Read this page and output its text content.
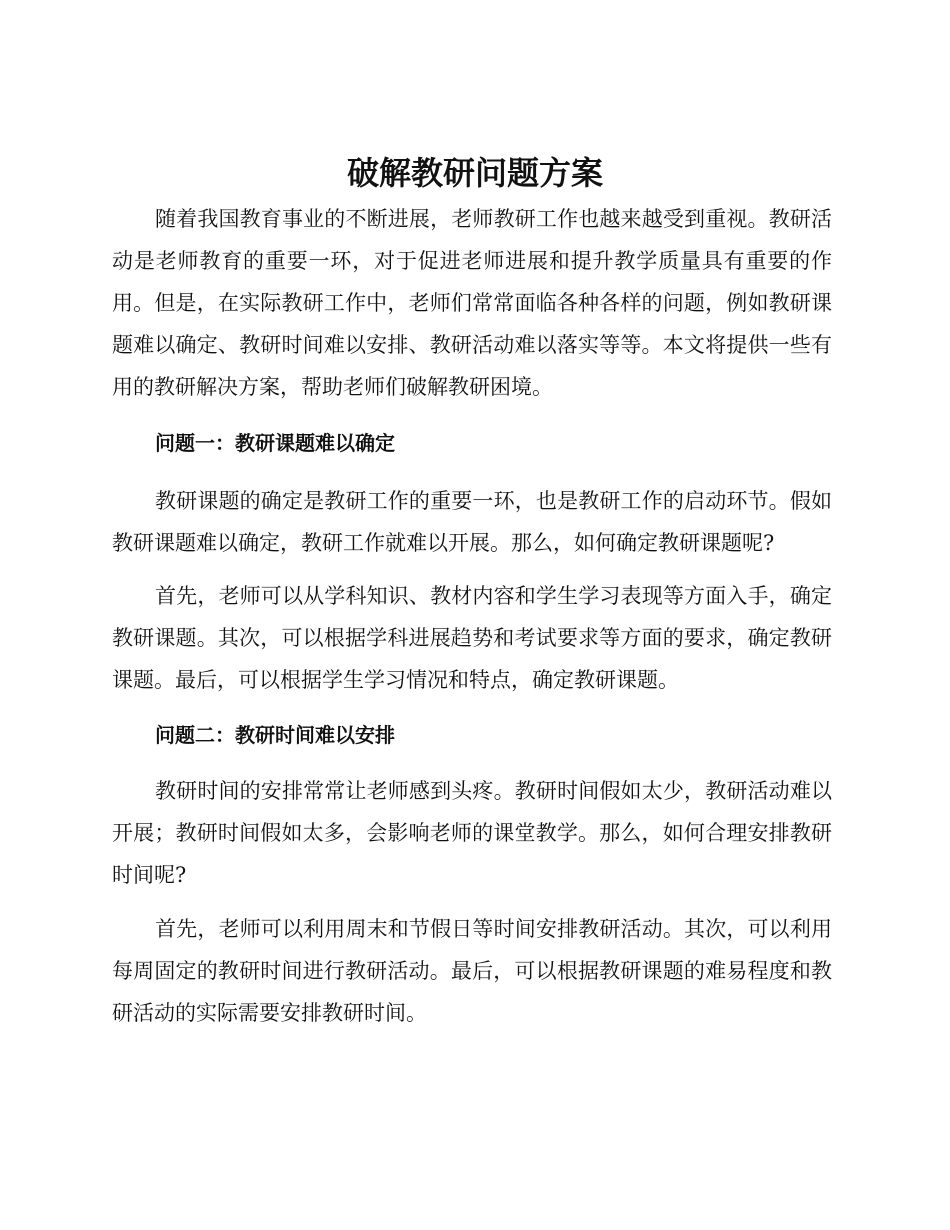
破解教研问题方案

随着我国教育事业的不断进展，老师教研工作也越来越受到重视。教研活动是老师教育的重要一环，对于促进老师进展和提升教学质量具有重要的作用。但是，在实际教研工作中，老师们常常面临各种各样的问题，例如教研课题难以确定、教研时间难以安排、教研活动难以落实等等。本文将提供一些有用的教研解决方案，帮助老师们破解教研困境。

问题一：教研课题难以确定

教研课题的确定是教研工作的重要一环，也是教研工作的启动环节。假如教研课题难以确定，教研工作就难以开展。那么，如何确定教研课题呢?

首先，老师可以从学科知识、教材内容和学生学习表现等方面入手，确定教研课题。其次，可以根据学科进展趋势和考试要求等方面的要求，确定教研课题。最后，可以根据学生学习情况和特点，确定教研课题。

问题二：教研时间难以安排

教研时间的安排常常让老师感到头疼。教研时间假如太少，教研活动难以开展；教研时间假如太多，会影响老师的课堂教学。那么，如何合理安排教研时间呢?

首先，老师可以利用周末和节假日等时间安排教研活动。其次，可以利用每周固定的教研时间进行教研活动。最后，可以根据教研课题的难易程度和教研活动的实际需要安排教研时间。
